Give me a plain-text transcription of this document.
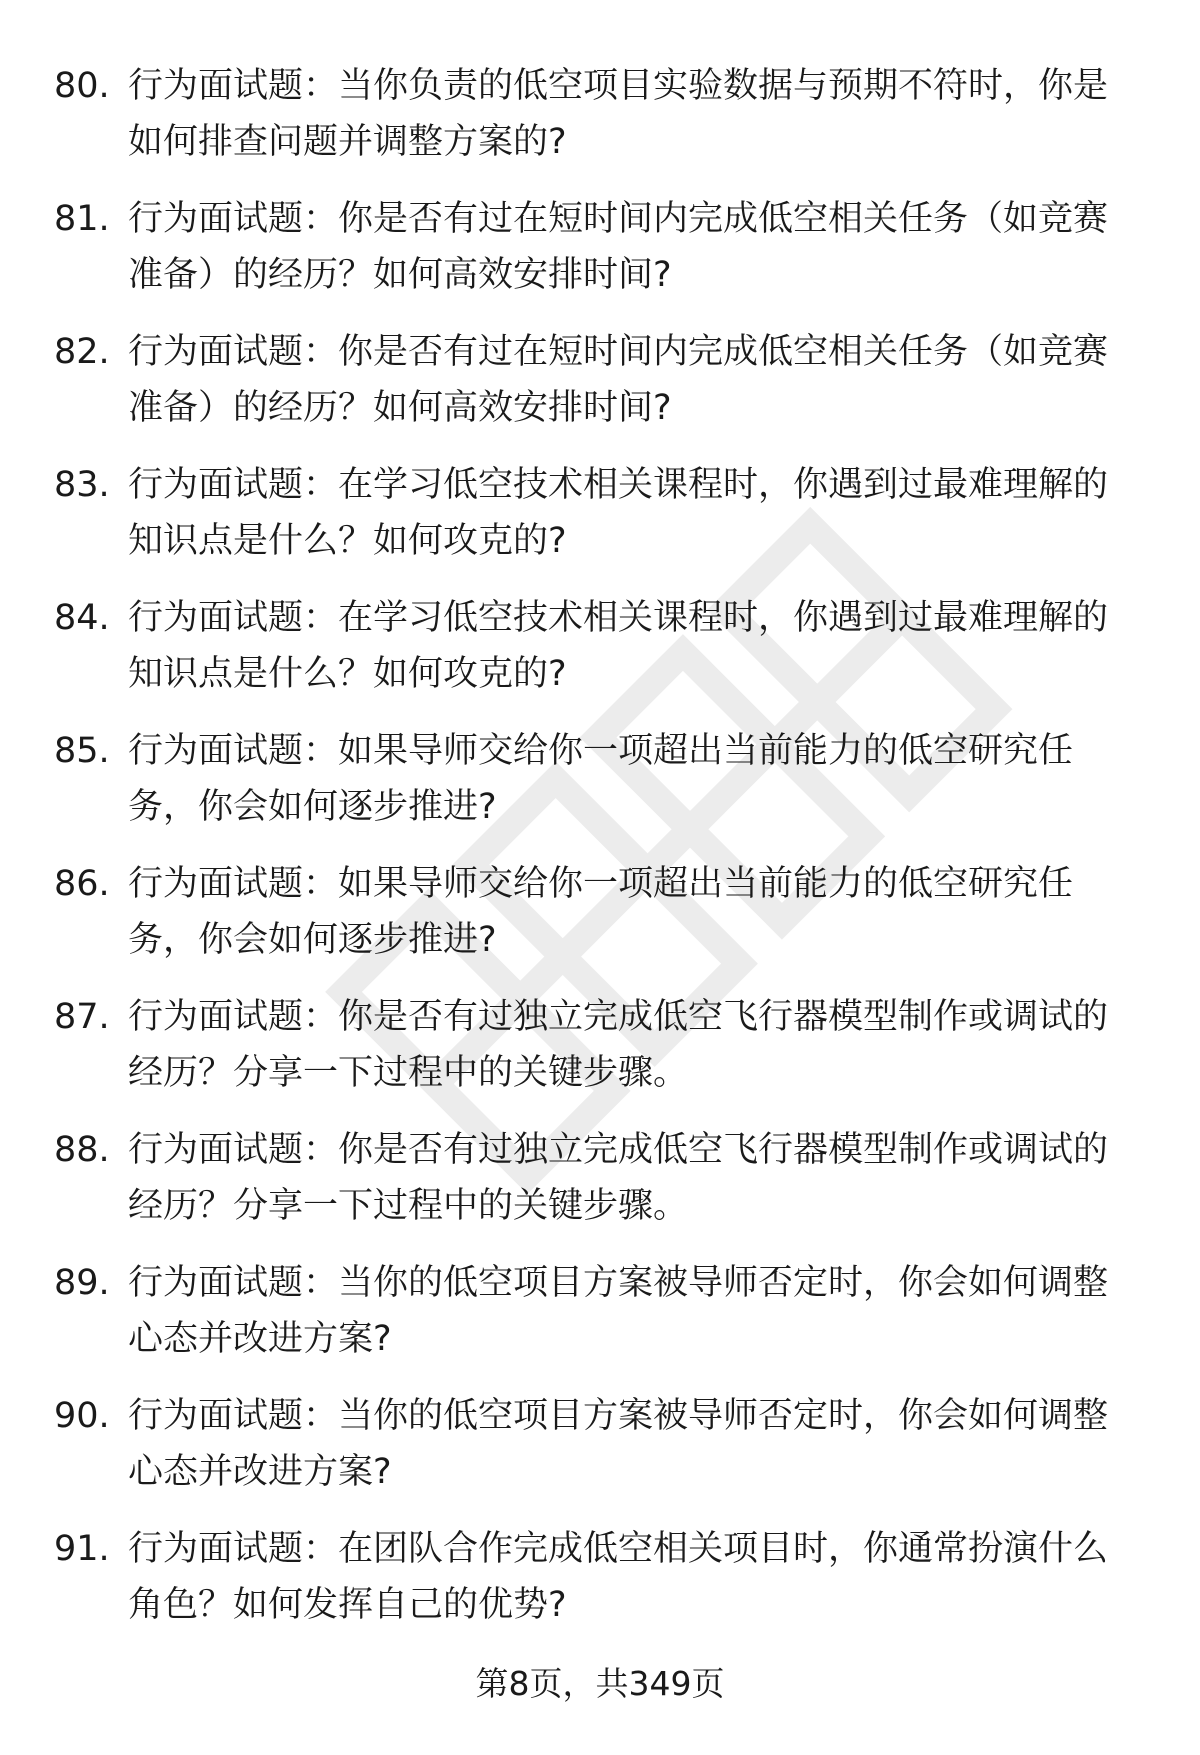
80. 行为面试题：当你负责的低空项目实验数据与预期不符时，你是如何排查问题并调整方案的?
81. 行为面试题：你是否有过在短时间内完成低空相关任务（如竞赛准备）的经历？如何高效安排时间?
82. 行为面试题：你是否有过在短时间内完成低空相关任务（如竞赛准备）的经历？如何高效安排时间?
83. 行为面试题：在学习低空技术相关课程时，你遇到过最难理解的知识点是什么？如何攻克的?
84. 行为面试题：在学习低空技术相关课程时，你遇到过最难理解的知识点是什么？如何攻克的?
85. 行为面试题：如果导师交给你一项超出当前能力的低空研究任务，你会如何逐步推进?
86. 行为面试题：如果导师交给你一项超出当前能力的低空研究任务，你会如何逐步推进?
87. 行为面试题：你是否有过独立完成低空飞行器模型制作或调试的经历？分享一下过程中的关键步骤。
88. 行为面试题：你是否有过独立完成低空飞行器模型制作或调试的经历？分享一下过程中的关键步骤。
89. 行为面试题：当你的低空项目方案被导师否定时，你会如何调整心态并改进方案?
90. 行为面试题：当你的低空项目方案被导师否定时，你会如何调整心态并改进方案?
91. 行为面试题：在团队合作完成低空相关项目时，你通常扮演什么角色？如何发挥自己的优势?
第8页，共349页
